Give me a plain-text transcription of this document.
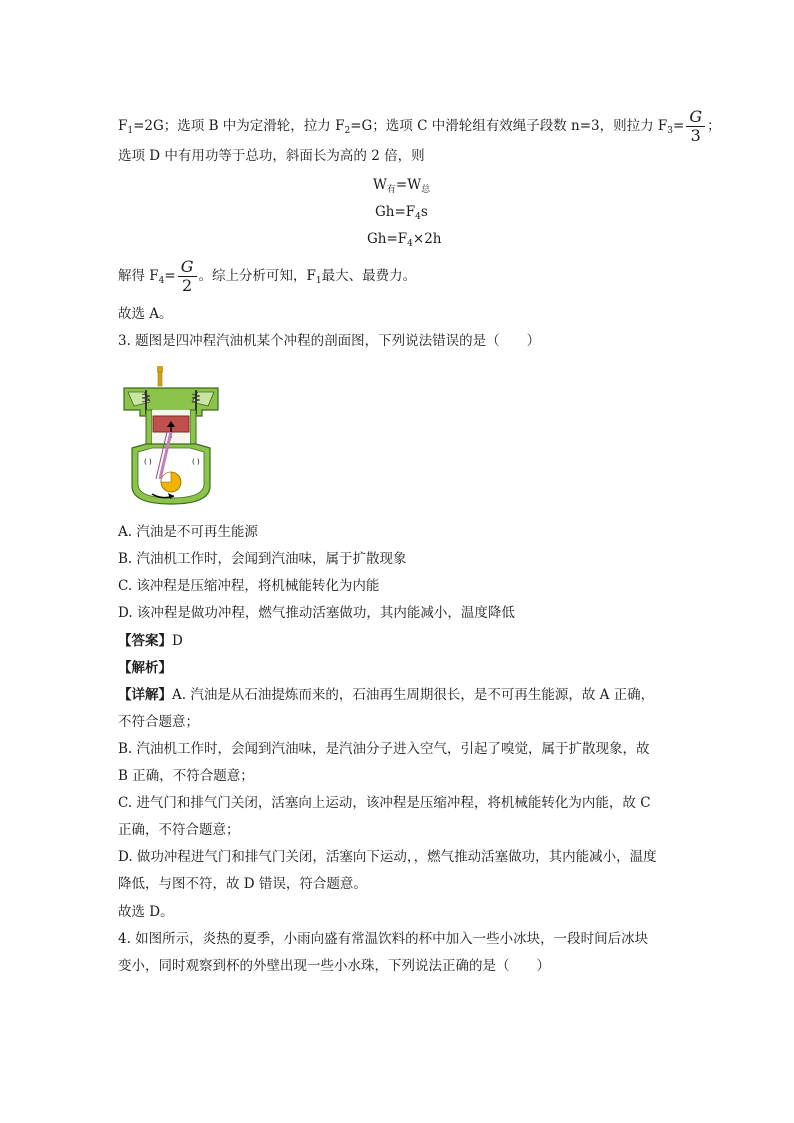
$F_1=2G$；选项 B 中为定滑轮，拉力 $F_2=G$；选项 C 中滑轮组有效绳子段数 n=3，则拉力 $F_3= \frac{G}{3}$ ；
选项 D 中有用功等于总功，斜面长为高的 2 倍，则
$W_有=W_总$
$Gh=F_4s$
$Gh=F_4\times 2h$
解得 $F_4= \frac{G}{2}$ 。综上分析可知，$F_1$最大、最费力。
故选 A。
3. 题图是四冲程汽油机某个冲程的剖面图，下列说法错误的是（　　）
( )	( )
A. 汽油是不可再生能源
B. 汽油机工作时，会闻到汽油味，属于扩散现象
C. 该冲程是压缩冲程，将机械能转化为内能
D. 该冲程是做功冲程，燃气推动活塞做功，其内能减小，温度降低
【答案】D
【解析】
【详解】A. 汽油是从石油提炼而来的，石油再生周期很长，是不可再生能源，故 A 正确，
不符合题意；
B. 汽油机工作时，会闻到汽油味，是汽油分子进入空气，引起了嗅觉，属于扩散现象，故
B 正确，不符合题意；
C. 进气门和排气门关闭，活塞向上运动，该冲程是压缩冲程，将机械能转化为内能，故 C
正确，不符合题意；
D. 做功冲程进气门和排气门关闭，活塞向下运动，，燃气推动活塞做功，其内能减小，温度
降低，与图不符，故 D 错误，符合题意。
故选 D。
4. 如图所示，炎热的夏季，小雨向盛有常温饮料的杯中加入一些小冰块，一段时间后冰块
变小，同时观察到杯的外壁出现一些小水珠，下列说法正确的是（　　）
